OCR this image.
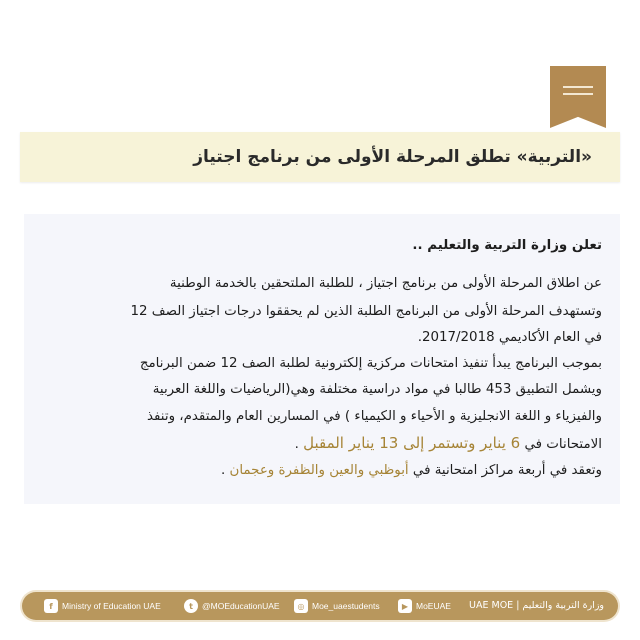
«التربية» تطلق المرحلة الأولى من برنامج اجتياز
تعلن وزارة التربية والتعليم ..
عن اطلاق المرحلة الأولى من برنامج اجتياز ، للطلبة الملتحقين بالخدمة الوطنية
وتستهدف المرحلة الأولى من البرنامج الطلبة الذين لم يحققوا درجات اجتياز الصف 12
في العام الأكاديمي 2017/2018.
بموجب البرنامج يبدأ تنفيذ امتحانات مركزية إلكترونية لطلبة الصف 12 ضمن البرنامج
ويشمل التطبيق 453 طالبا في مواد دراسية مختلفة وهي(الرياضيات واللغة العربية
والفيزياء و اللغة الانجليزية و الأحياء و الكيمياء ) في المسارين العام والمتقدم، وتنفذ
الامتحانات في 6 يناير وتستمر إلى 13 يناير المقبل .
وتعقد في أربعة مراكز امتحانية في أبوظبي والعين والظفرة وعجمان .
f	Ministry of Education UAE	t	@MOEducationUAE	◎ Moe_uaestudents	▶ MoEUAE وزارة التربية والتعليم | UAE MOE
